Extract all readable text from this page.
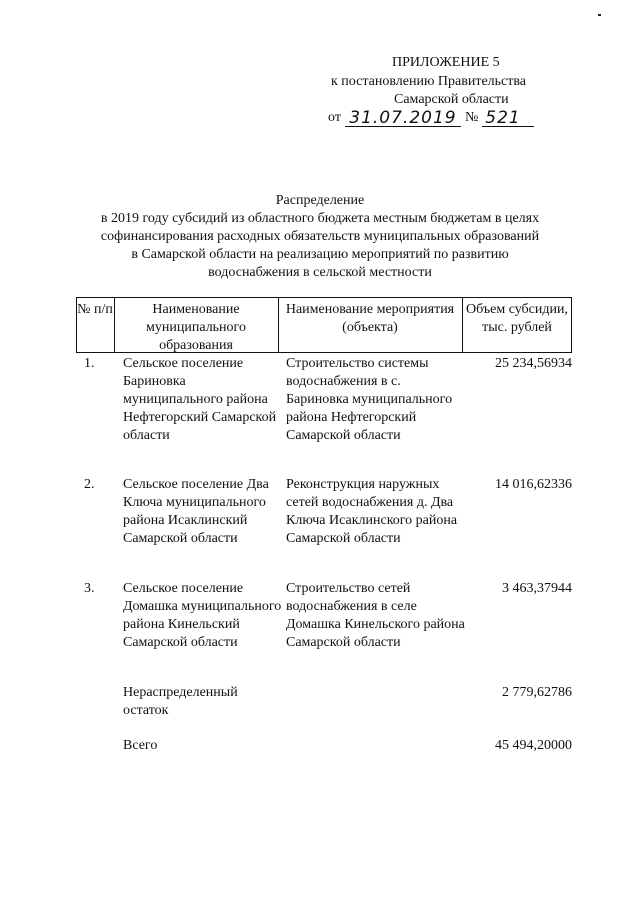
ПРИЛОЖЕНИЕ 5
к постановлению Правительства
Самарской области
от 31.07.2019 № 521
Распределение
в 2019 году субсидий из областного бюджета местным бюджетам в целях
софинансирования расходных обязательств муниципальных образований
в Самарской области на реализацию мероприятий по развитию
водоснабжения в сельской местности
№ п/п	Наименование муниципального образования
Наименование мероприятия (объекта)
Объем субсидии, тыс. рублей
1. Сельское поселение Бариновка муниципального района Нефтегорский Самарской области
Строительство системы водоснабжения в с. Бариновка муниципального района Нефтегорский Самарской области
25 234,56934
2. Сельское поселение Два Ключа муниципального района Исаклинский Самарской области
Реконструкция наружных сетей водоснабжения д. Два Ключа Исаклинского района Самарской области
14 016,62336
3. Сельское поселение Домашка муниципального района Кинельский Самарской области
Строительство сетей водоснабжения в селе Домашка Кинельского района Самарской области
3 463,37944
Нераспределенный остаток
2 779,62786
Всего	45 494,20000
